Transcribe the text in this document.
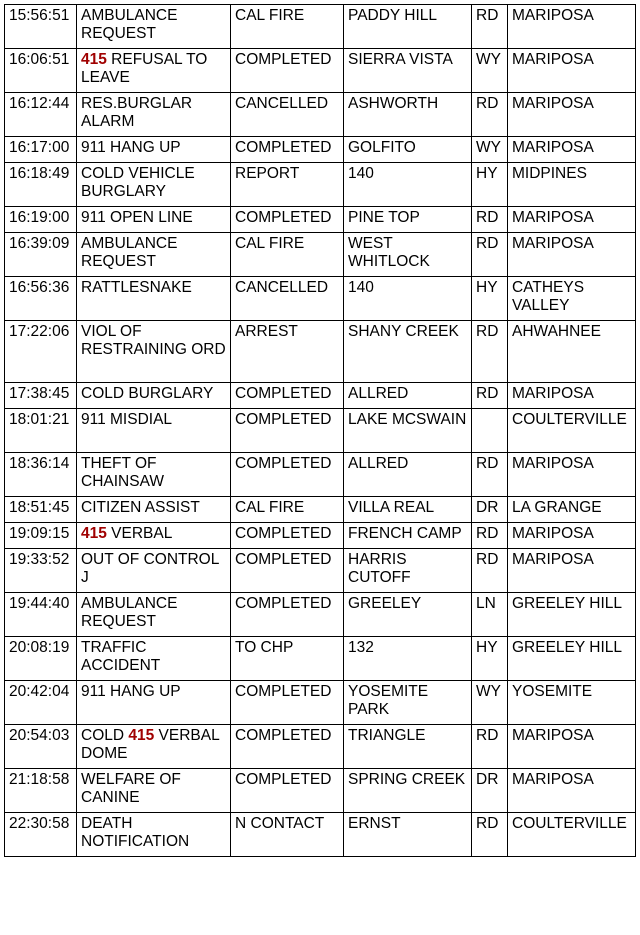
15:56:51	AMBULANCE REQUEST	CAL FIRE	PADDY HILL	RD	MARIPOSA
16:06:51	415 REFUSAL TO LEAVE	COMPLETED	SIERRA VISTA	WY	MARIPOSA
16:12:44	RES.BURGLAR ALARM	CANCELLED	ASHWORTH	RD	MARIPOSA
16:17:00	911 HANG UP	COMPLETED	GOLFITO	WY	MARIPOSA
16:18:49	COLD VEHICLE BURGLARY	REPORT	140	HY	MIDPINES
16:19:00	911 OPEN LINE	COMPLETED	PINE TOP	RD	MARIPOSA
16:39:09	AMBULANCE REQUEST	CAL FIRE	WEST WHITLOCK	RD	MARIPOSA
16:56:36	RATTLESNAKE	CANCELLED	140	HY	CATHEYS VALLEY
17:22:06	VIOL OF RESTRAINING ORD	ARREST	SHANY CREEK	RD	AHWAHNEE
17:38:45	COLD BURGLARY	COMPLETED	ALLRED	RD	MARIPOSA
18:01:21	911 MISDIAL	COMPLETED	LAKE MCSWAIN		COULTERVILLE
18:36:14	THEFT OF CHAINSAW	COMPLETED	ALLRED	RD	MARIPOSA
18:51:45	CITIZEN ASSIST	CAL FIRE	VILLA REAL	DR	LA GRANGE
19:09:15	415 VERBAL	COMPLETED	FRENCH CAMP	RD	MARIPOSA
19:33:52	OUT OF CONTROL J	COMPLETED	HARRIS CUTOFF	RD	MARIPOSA
19:44:40	AMBULANCE REQUEST	COMPLETED	GREELEY	LN	GREELEY HILL
20:08:19	TRAFFIC ACCIDENT	TO CHP	132	HY	GREELEY HILL
20:42:04	911 HANG UP	COMPLETED	YOSEMITE PARK	WY	YOSEMITE
20:54:03	COLD 415 VERBAL DOME	COMPLETED	TRIANGLE	RD	MARIPOSA
21:18:58	WELFARE OF CANINE	COMPLETED	SPRING CREEK	DR	MARIPOSA
22:30:58	DEATH NOTIFICATION	N CONTACT	ERNST	RD	COULTERVILLE
